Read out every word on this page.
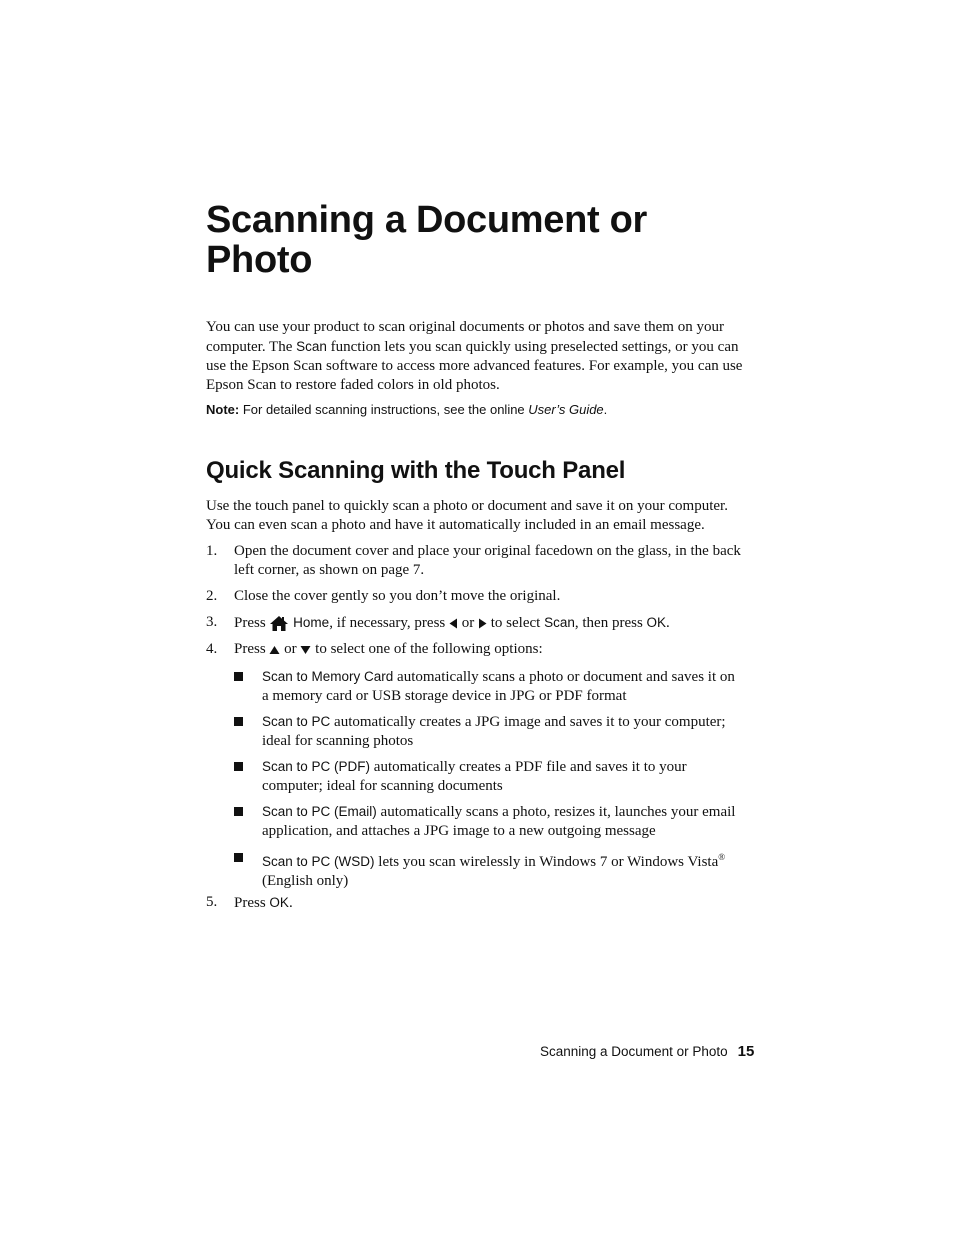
Scanning a Document or
Photo

You can use your product to scan original documents or photos and save them on your
computer. The Scan function lets you scan quickly using preselected settings, or you can
use the Epson Scan software to access more advanced features. For example, you can use
Epson Scan to restore faded colors in old photos.

Note: For detailed scanning instructions, see the online User’s Guide.
Quick Scanning with the Touch Panel

Use the touch panel to quickly scan a photo or document and save it on your computer.
You can even scan a photo and have it automatically included in an email message.

1.	Open the document cover and place your original facedown on the glass, in the back
left corner, as shown on page 7.
2.	Close the cover gently so you don’t move the original.
3.	Press  Home, if necessary, press  or  to select Scan, then press OK.
4.	Press  or  to select one of the following options:
Scan to Memory Card automatically scans a photo or document and saves it on
a memory card or USB storage device in JPG or PDF format
Scan to PC automatically creates a JPG image and saves it to your computer;
ideal for scanning photos
Scan to PC (PDF) automatically creates a PDF file and saves it to your
computer; ideal for scanning documents
Scan to PC (Email) automatically scans a photo, resizes it, launches your email
application, and attaches a JPG image to a new outgoing message
Scan to PC (WSD) lets you scan wirelessly in Windows 7 or Windows Vista®
(English only)
5.	Press OK.
Scanning a Document or Photo 15
